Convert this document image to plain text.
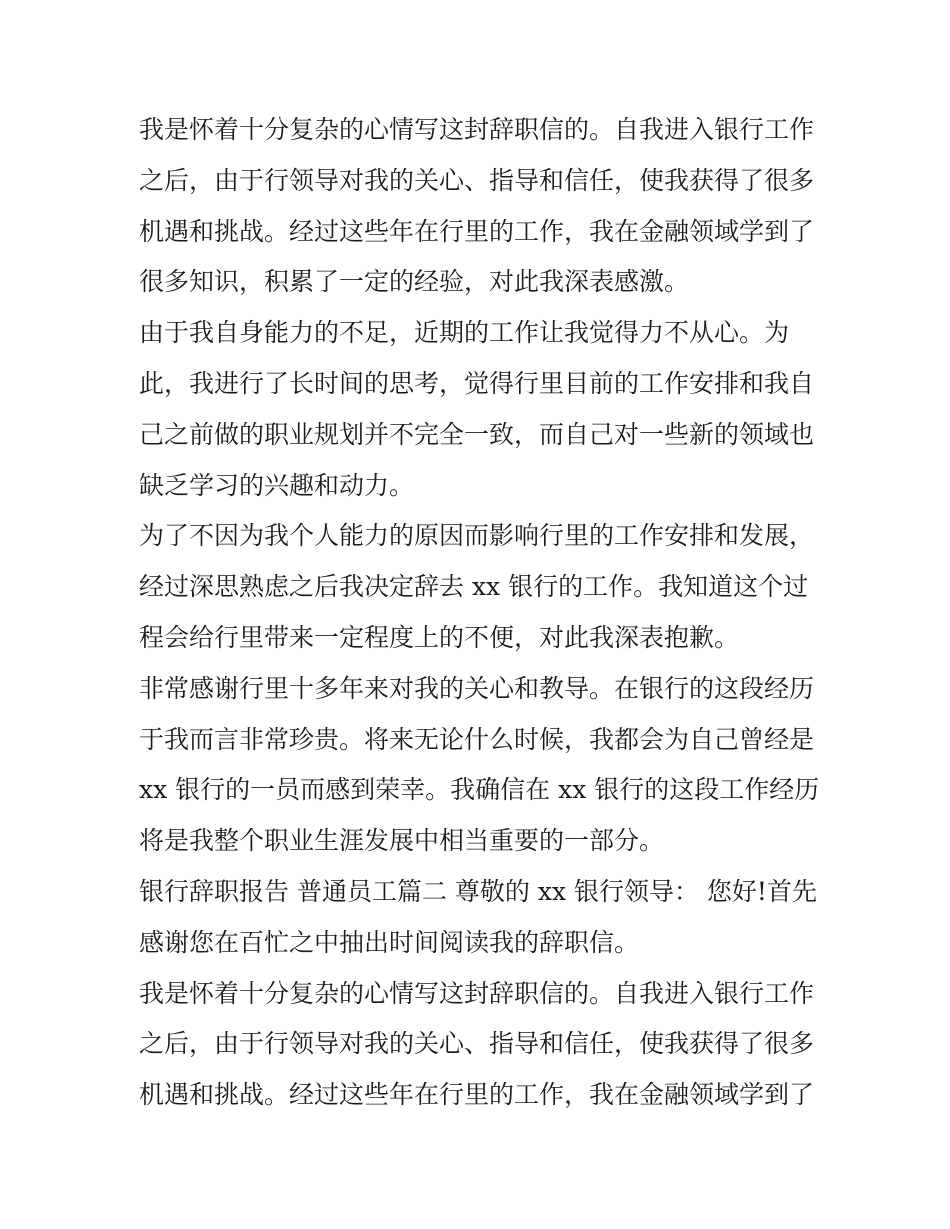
我是怀着十分复杂的心情写这封辞职信的。自我进入银行工作
之后，由于行领导对我的关心、指导和信任，使我获得了很多
机遇和挑战。经过这些年在行里的工作，我在金融领域学到了
很多知识，积累了一定的经验，对此我深表感激。
由于我自身能力的不足，近期的工作让我觉得力不从心。为
此，我进行了长时间的思考，觉得行里目前的工作安排和我自
己之前做的职业规划并不完全一致，而自己对一些新的领域也
缺乏学习的兴趣和动力。
为了不因为我个人能力的原因而影响行里的工作安排和发展，
经过深思熟虑之后我决定辞去 xx 银行的工作。我知道这个过
程会给行里带来一定程度上的不便，对此我深表抱歉。
非常感谢行里十多年来对我的关心和教导。在银行的这段经历
于我而言非常珍贵。将来无论什么时候，我都会为自己曾经是
xx 银行的一员而感到荣幸。我确信在 xx 银行的这段工作经历
将是我整个职业生涯发展中相当重要的一部分。
银行辞职报告 普通员工篇二 尊敬的 xx 银行领导： 您好!首先
感谢您在百忙之中抽出时间阅读我的辞职信。
我是怀着十分复杂的心情写这封辞职信的。自我进入银行工作
之后，由于行领导对我的关心、指导和信任，使我获得了很多
机遇和挑战。经过这些年在行里的工作，我在金融领域学到了
